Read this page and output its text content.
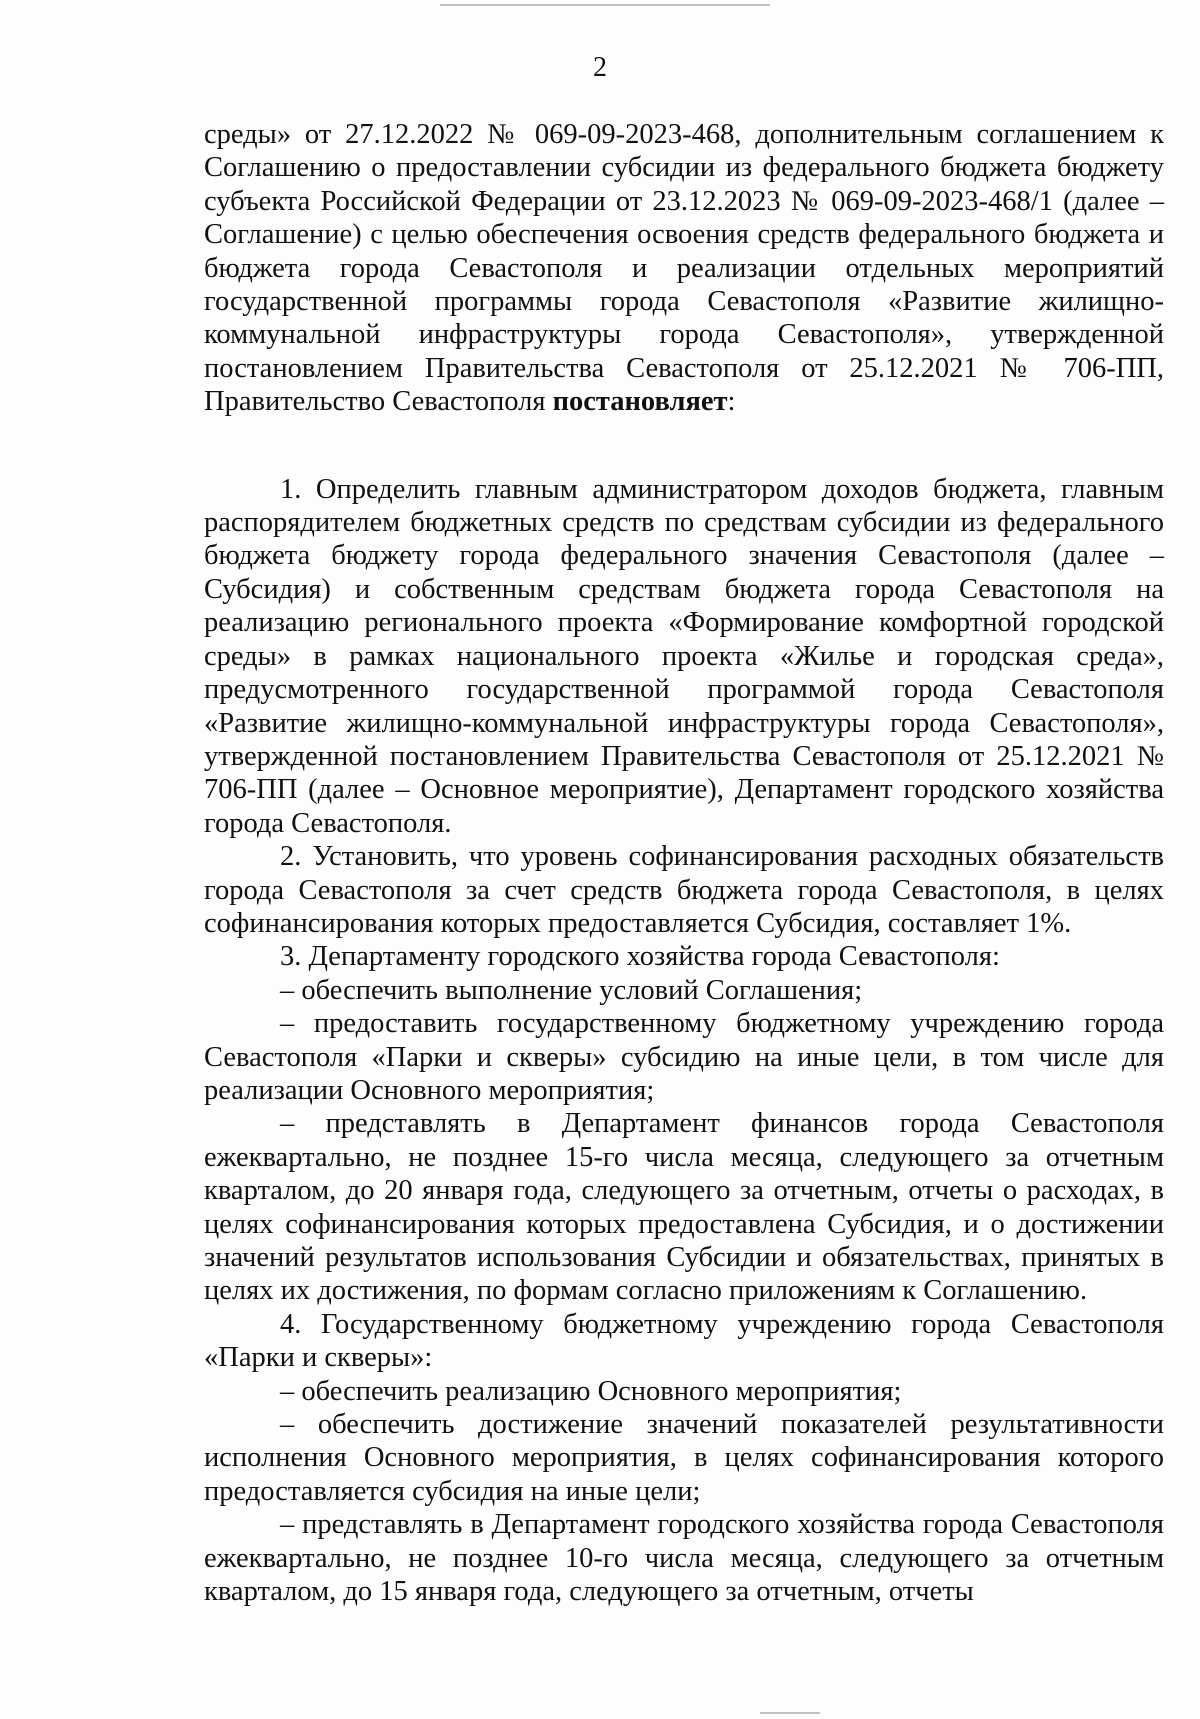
2

среды» от 27.12.2022 № 069-09-2023-468, дополнительным соглашением к Соглашению о предоставлении субсидии из федерального бюджета бюджету субъекта Российской Федерации от 23.12.2023 № 069-09-2023-468/1 (далее – Соглашение) с целью обеспечения освоения средств федерального бюджета и бюджета города Севастополя и реализации отдельных мероприятий государственной программы города Севастополя «Развитие жилищно-коммунальной инфраструктуры города Севастополя», утвержденной постановлением Правительства Севастополя от 25.12.2021 № 706-ПП, Правительство Севастополя постановляет:

1. Определить главным администратором доходов бюджета, главным распорядителем бюджетных средств по средствам субсидии из федерального бюджета бюджету города федерального значения Севастополя (далее – Субсидия) и собственным средствам бюджета города Севастополя на реализацию регионального проекта «Формирование комфортной городской среды» в рамках национального проекта «Жилье и городская среда», предусмотренного государственной программой города Севастополя «Развитие жилищно-коммунальной инфраструктуры города Севастополя», утвержденной постановлением Правительства Севастополя от 25.12.2021 № 706-ПП (далее – Основное мероприятие), Департамент городского хозяйства города Севастополя.

2. Установить, что уровень софинансирования расходных обязательств города Севастополя за счет средств бюджета города Севастополя, в целях софинансирования которых предоставляется Субсидия, составляет 1%.

3. Департаменту городского хозяйства города Севастополя:

– обеспечить выполнение условий Соглашения;

– предоставить государственному бюджетному учреждению города Севастополя «Парки и скверы» субсидию на иные цели, в том числе для реализации Основного мероприятия;

– представлять в Департамент финансов города Севастополя ежеквартально, не позднее 15-го числа месяца, следующего за отчетным кварталом, до 20 января года, следующего за отчетным, отчеты о расходах, в целях софинансирования которых предоставлена Субсидия, и о достижении значений результатов использования Субсидии и обязательствах, принятых в целях их достижения, по формам согласно приложениям к Соглашению.

4. Государственному бюджетному учреждению города Севастополя «Парки и скверы»:

– обеспечить реализацию Основного мероприятия;

– обеспечить достижение значений показателей результативности исполнения Основного мероприятия, в целях софинансирования которого предоставляется субсидия на иные цели;

– представлять в Департамент городского хозяйства города Севастополя ежеквартально, не позднее 10-го числа месяца, следующего за отчетным кварталом, до 15 января года, следующего за отчетным, отчеты
